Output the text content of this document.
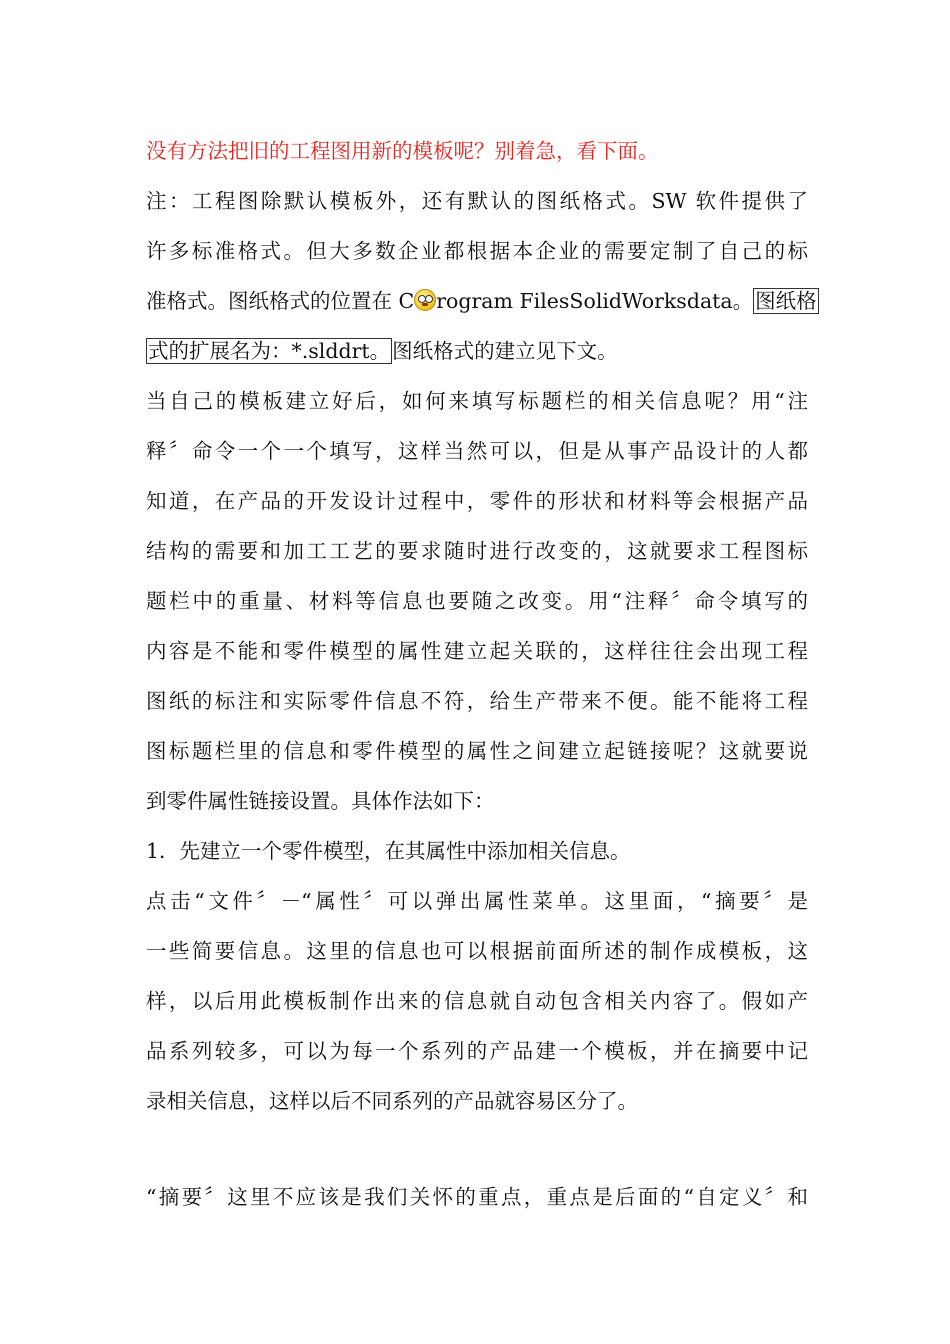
没有方法把旧的工程图用新的模板呢？别着急，看下面。
注：工程图除默认模板外，还有默认的图纸格式。SW 软件提供了
许多标准格式。但大多数企业都根据本企业的需要定制了自己的标
准格式。图纸格式的位置在 C rogram FilesSolidWorksdata。图纸格
式的扩展名为：*.slddrt。图纸格式的建立见下文。
当自己的模板建立好后，如何来填写标题栏的相关信息呢？用“注
释〞命令一个一个填写，这样当然可以，但是从事产品设计的人都
知道，在产品的开发设计过程中，零件的形状和材料等会根据产品
结构的需要和加工工艺的要求随时进行改变的，这就要求工程图标
题栏中的重量、材料等信息也要随之改变。用“注释〞命令填写的
内容是不能和零件模型的属性建立起关联的，这样往往会出现工程
图纸的标注和实际零件信息不符，给生产带来不便。能不能将工程
图标题栏里的信息和零件模型的属性之间建立起链接呢？这就要说
到零件属性链接设置。具体作法如下：
1．先建立一个零件模型，在其属性中添加相关信息。
点击“文件〞－“属性〞可以弹出属性菜单。这里面，“摘要〞是
一些简要信息。这里的信息也可以根据前面所述的制作成模板，这
样，以后用此模板制作出来的信息就自动包含相关内容了。假如产
品系列较多，可以为每一个系列的产品建一个模板，并在摘要中记
录相关信息，这样以后不同系列的产品就容易区分了。
“摘要〞这里不应该是我们关怀的重点，重点是后面的“自定义〞和
